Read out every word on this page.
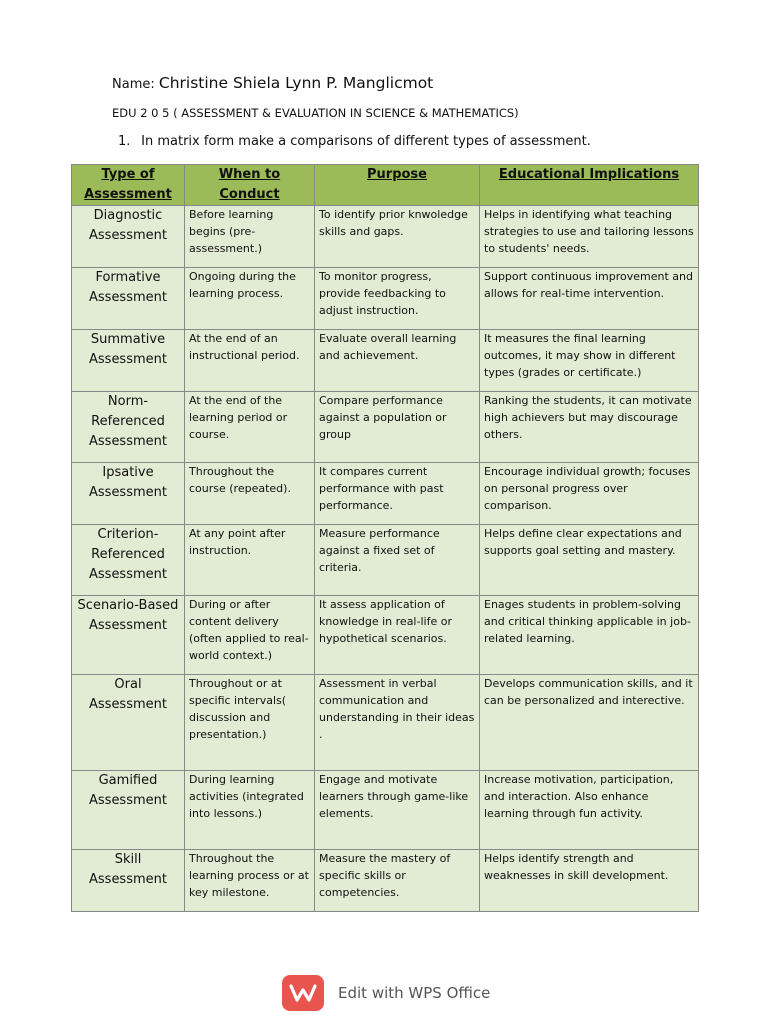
Name: Christine Shiela Lynn P. Manglicmot
EDU 2 0 5 ( ASSESSMENT & EVALUATION IN SCIENCE & MATHEMATICS)
1. In matrix form make a comparisons of different types of assessment.
Type of Assessment	When to Conduct	Purpose	Educational Implications
Diagnostic Assessment	Before learning begins (pre-assessment.)	To identify prior knwoledge skills and gaps.	Helps in identifying what teaching strategies to use and tailoring lessons to students' needs.
Formative Assessment	Ongoing during the learning process.	To monitor progress, provide feedbacking to adjust instruction.	Support continuous improvement and allows for real-time intervention.
Summative Assessment	At the end of an instructional period.	Evaluate overall learning and achievement.	It measures the final learning outcomes, it may show in different types (grades or certificate.)
Norm-Referenced Assessment	At the end of the learning period or course.	Compare performance against a population or group	Ranking the students, it can motivate high achievers but may discourage others.
Ipsative Assessment	Throughout the course (repeated).	It compares current performance with past performance.	Encourage individual growth; focuses on personal progress over comparison.
Criterion-Referenced Assessment	At any point after instruction.	Measure performance against a fixed set of criteria.	Helps define clear expectations and supports goal setting and mastery.
Scenario-Based Assessment	During or after content delivery (often applied to real-world context.)	It assess application of knowledge in real-life or hypothetical scenarios.	Enages students in problem-solving and critical thinking applicable in job-related learning.
Oral Assessment	Throughout or at specific intervals( discussion and presentation.)	Assessment in verbal communication and understanding in their ideas .	Develops communication skills, and it can be personalized and interective.
Gamified Assessment	During learning activities (integrated into lessons.)	Engage and motivate learners through game-like elements.	Increase motivation, participation, and interaction. Also enhance learning through fun activity.
Skill Assessment	Throughout the learning process or at key milestone.	Measure the mastery of specific skills or competencies.	Helps identify strength and weaknesses in skill development.
Edit with WPS Office
